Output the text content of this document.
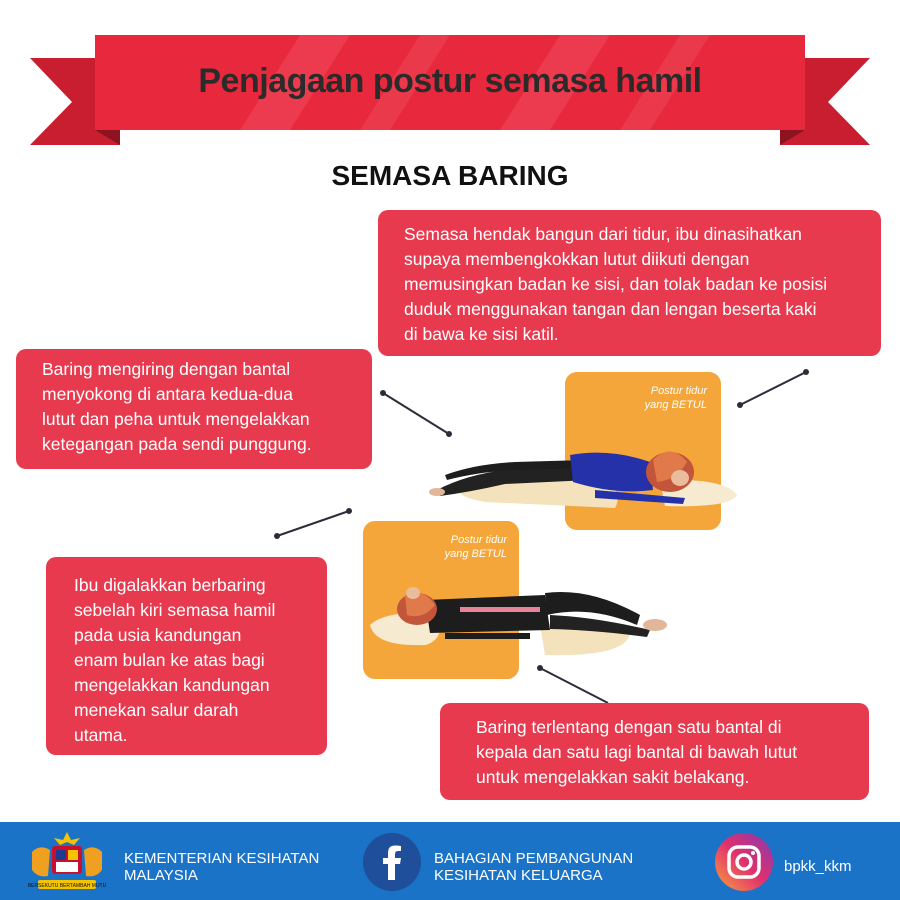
Penjagaan postur semasa hamil
SEMASA BARING
Postur tidur
yang BETUL
Postur tidur
yang BETUL
Semasa hendak bangun dari tidur, ibu dinasihatkan
supaya membengkokkan lutut diikuti dengan
memusingkan badan ke sisi, dan tolak badan ke posisi
duduk menggunakan tangan dan lengan beserta kaki
di bawa ke sisi katil.
Baring mengiring dengan bantal
menyokong di antara kedua-dua
lutut dan peha untuk mengelakkan
ketegangan pada sendi punggung.
Ibu digalakkan berbaring
sebelah kiri semasa hamil
pada usia kandungan
enam bulan ke atas bagi
mengelakkan kandungan
menekan salur darah
utama.	Baring terlentang dengan satu bantal di
kepala dan satu lagi bantal di bawah lutut
untuk mengelakkan sakit belakang.
BERSEKUTU BERTAMBAH MUTU
KEMENTERIAN KESIHATAN
MALAYSIA
BAHAGIAN PEMBANGUNAN
KESIHATAN KELUARGA
bpkk_kkm
